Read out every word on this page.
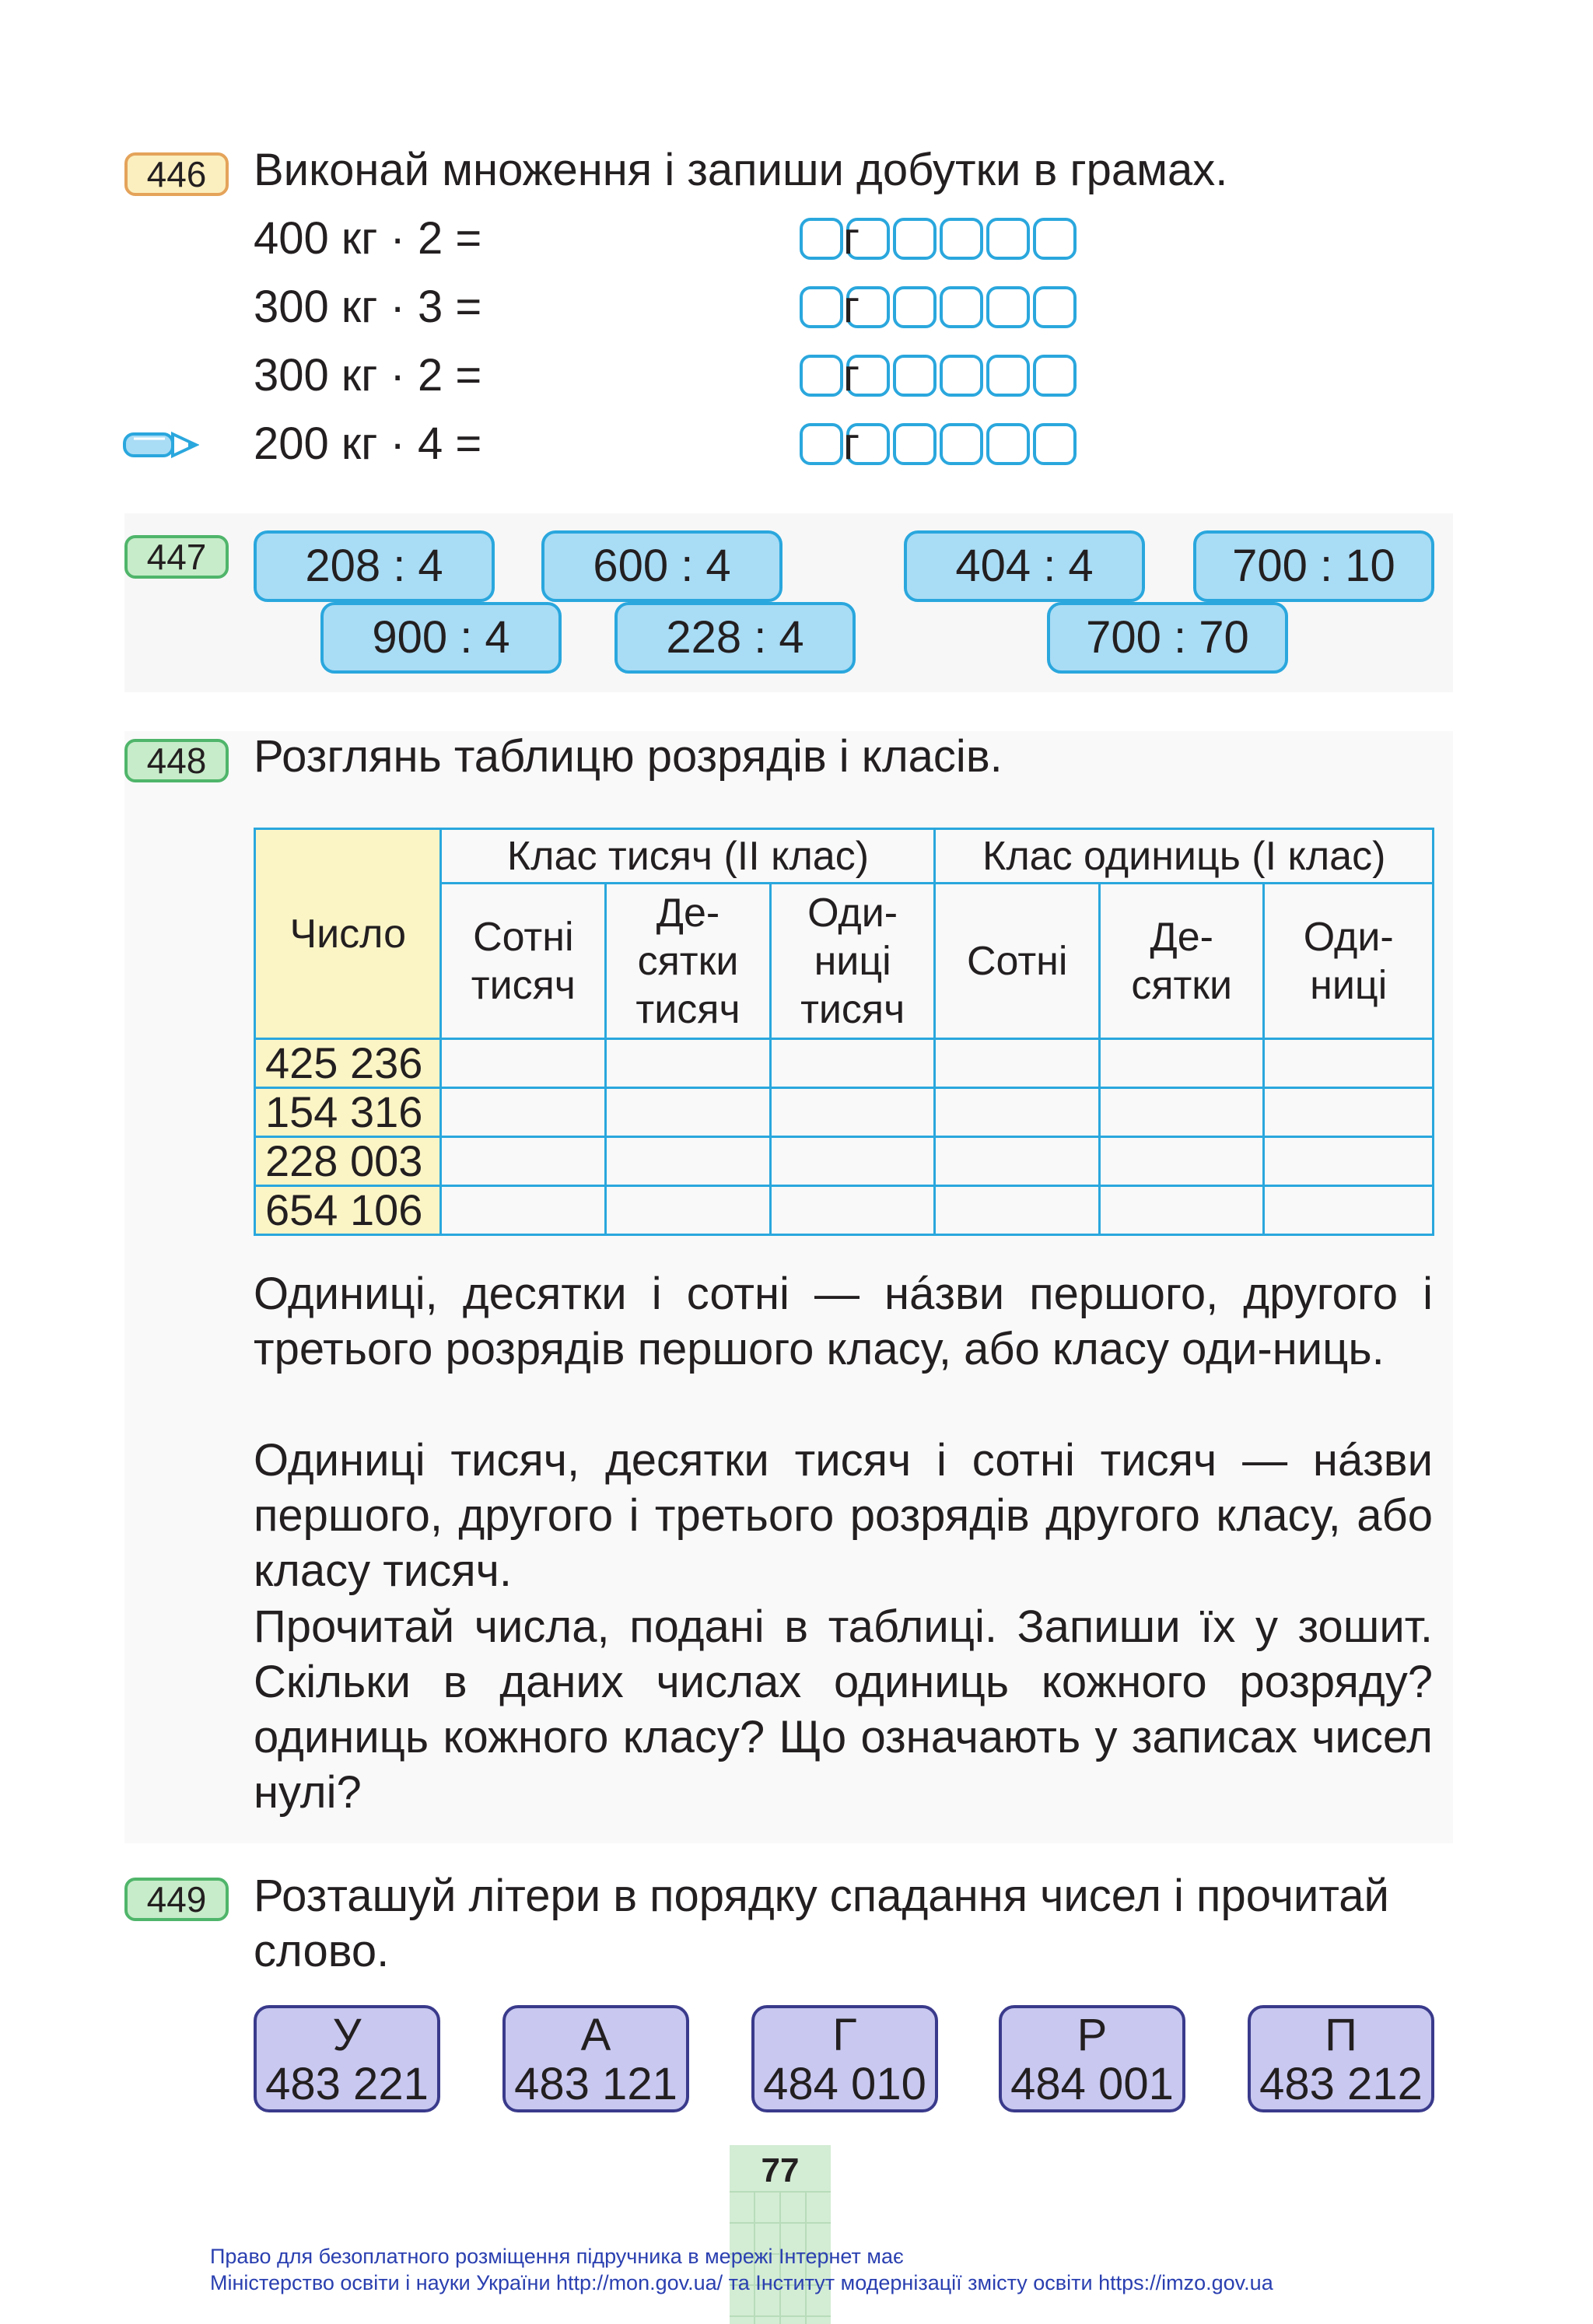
446	Виконай множення і запиши добутки в грамах.
400 кг · 2 =	г
300 кг · 3 =	г
300 кг · 2 =	г
200 кг · 4 =	г
447	208 : 4	600 : 4	404 : 4	700 : 10
900 : 4	228 : 4	700 : 70
448	Розглянь таблицю розрядів і класів.
Число	Клас тисяч (II клас)			Клас одиниць (I клас)		

	Сотні тисяч	Де-сятки тисяч	Оди-ниці тисяч	Сотні	Де-сятки	Оди-ниці

425 236						
154 316						
228 003						
654 106						
Одиниці, десятки і сотні — нáзви першого, другого і третього розрядів першого класу, або класу оди-ниць.
Одиниці тисяч, десятки тисяч і сотні тисяч — нáзви першого, другого і третього розрядів другого класу, або класу тисяч.
Прочитай числа, подані в таблиці. Запиши їх у зошит. Скільки в даних числах одиниць кожного розряду? одиниць кожного класу? Що означають у записах чисел нулі?
449	Розташуй літери в порядку спадання чисел і прочитай слово.
У
483 221
А
483 121
Г
484 010
Р
484 001
П
483 212
77
Право для безоплатного розміщення підручника в мережі Інтернет має
Міністерство освіти і науки України http://mon.gov.ua/ та Інститут модернізації змісту освіти https://imzo.gov.ua
